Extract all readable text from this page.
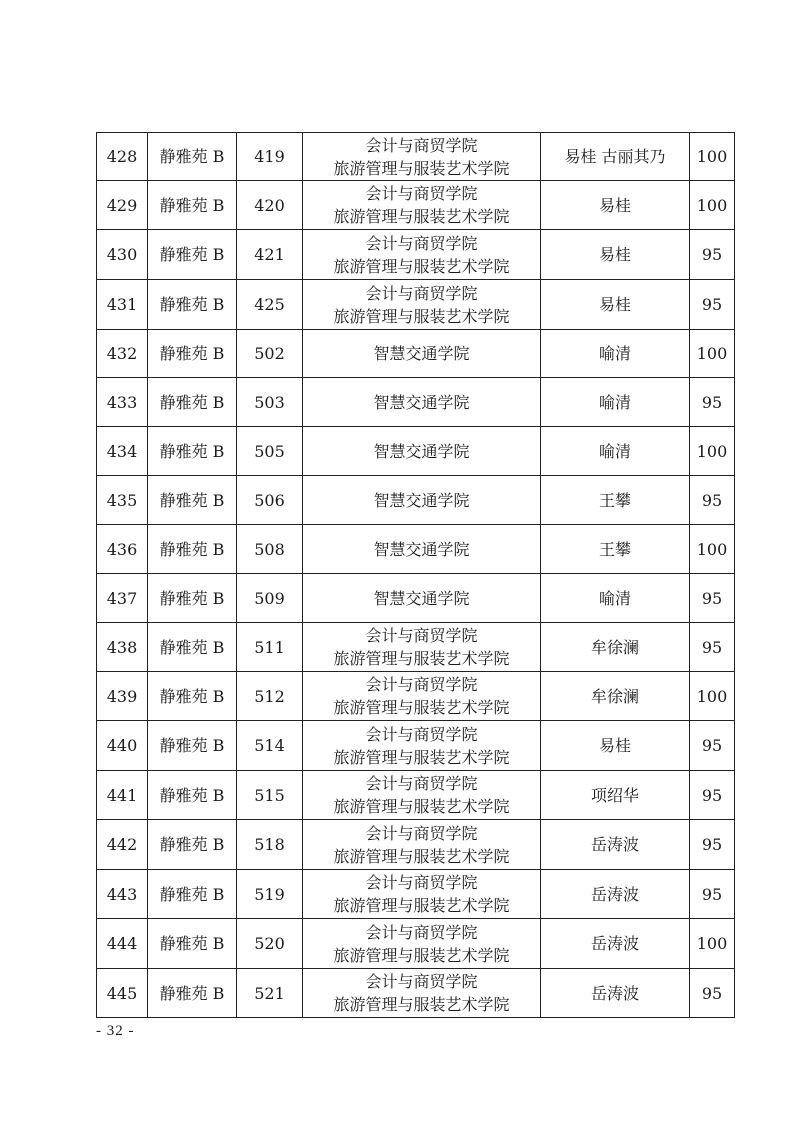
428	静雅苑 B	419	会计与商贸学院
旅游管理与服装艺术学院	易桂 古丽其乃	100
429	静雅苑 B	420	会计与商贸学院
旅游管理与服装艺术学院	易桂	100
430	静雅苑 B	421	会计与商贸学院
旅游管理与服装艺术学院	易桂	95
431	静雅苑 B	425	会计与商贸学院
旅游管理与服装艺术学院	易桂	95
432	静雅苑 B	502	智慧交通学院	喻清	100
433	静雅苑 B	503	智慧交通学院	喻清	95
434	静雅苑 B	505	智慧交通学院	喻清	100
435	静雅苑 B	506	智慧交通学院	王攀	95
436	静雅苑 B	508	智慧交通学院	王攀	100
437	静雅苑 B	509	智慧交通学院	喻清	95
438	静雅苑 B	511	会计与商贸学院
旅游管理与服装艺术学院	牟徐澜	95
439	静雅苑 B	512	会计与商贸学院
旅游管理与服装艺术学院	牟徐澜	100
440	静雅苑 B	514	会计与商贸学院
旅游管理与服装艺术学院	易桂	95
441	静雅苑 B	515	会计与商贸学院
旅游管理与服装艺术学院	项绍华	95
442	静雅苑 B	518	会计与商贸学院
旅游管理与服装艺术学院	岳涛波	95
443	静雅苑 B	519	会计与商贸学院
旅游管理与服装艺术学院	岳涛波	95
444	静雅苑 B	520	会计与商贸学院
旅游管理与服装艺术学院	岳涛波	100
445	静雅苑 B	521	会计与商贸学院
旅游管理与服装艺术学院	岳涛波	95
- 32 -
